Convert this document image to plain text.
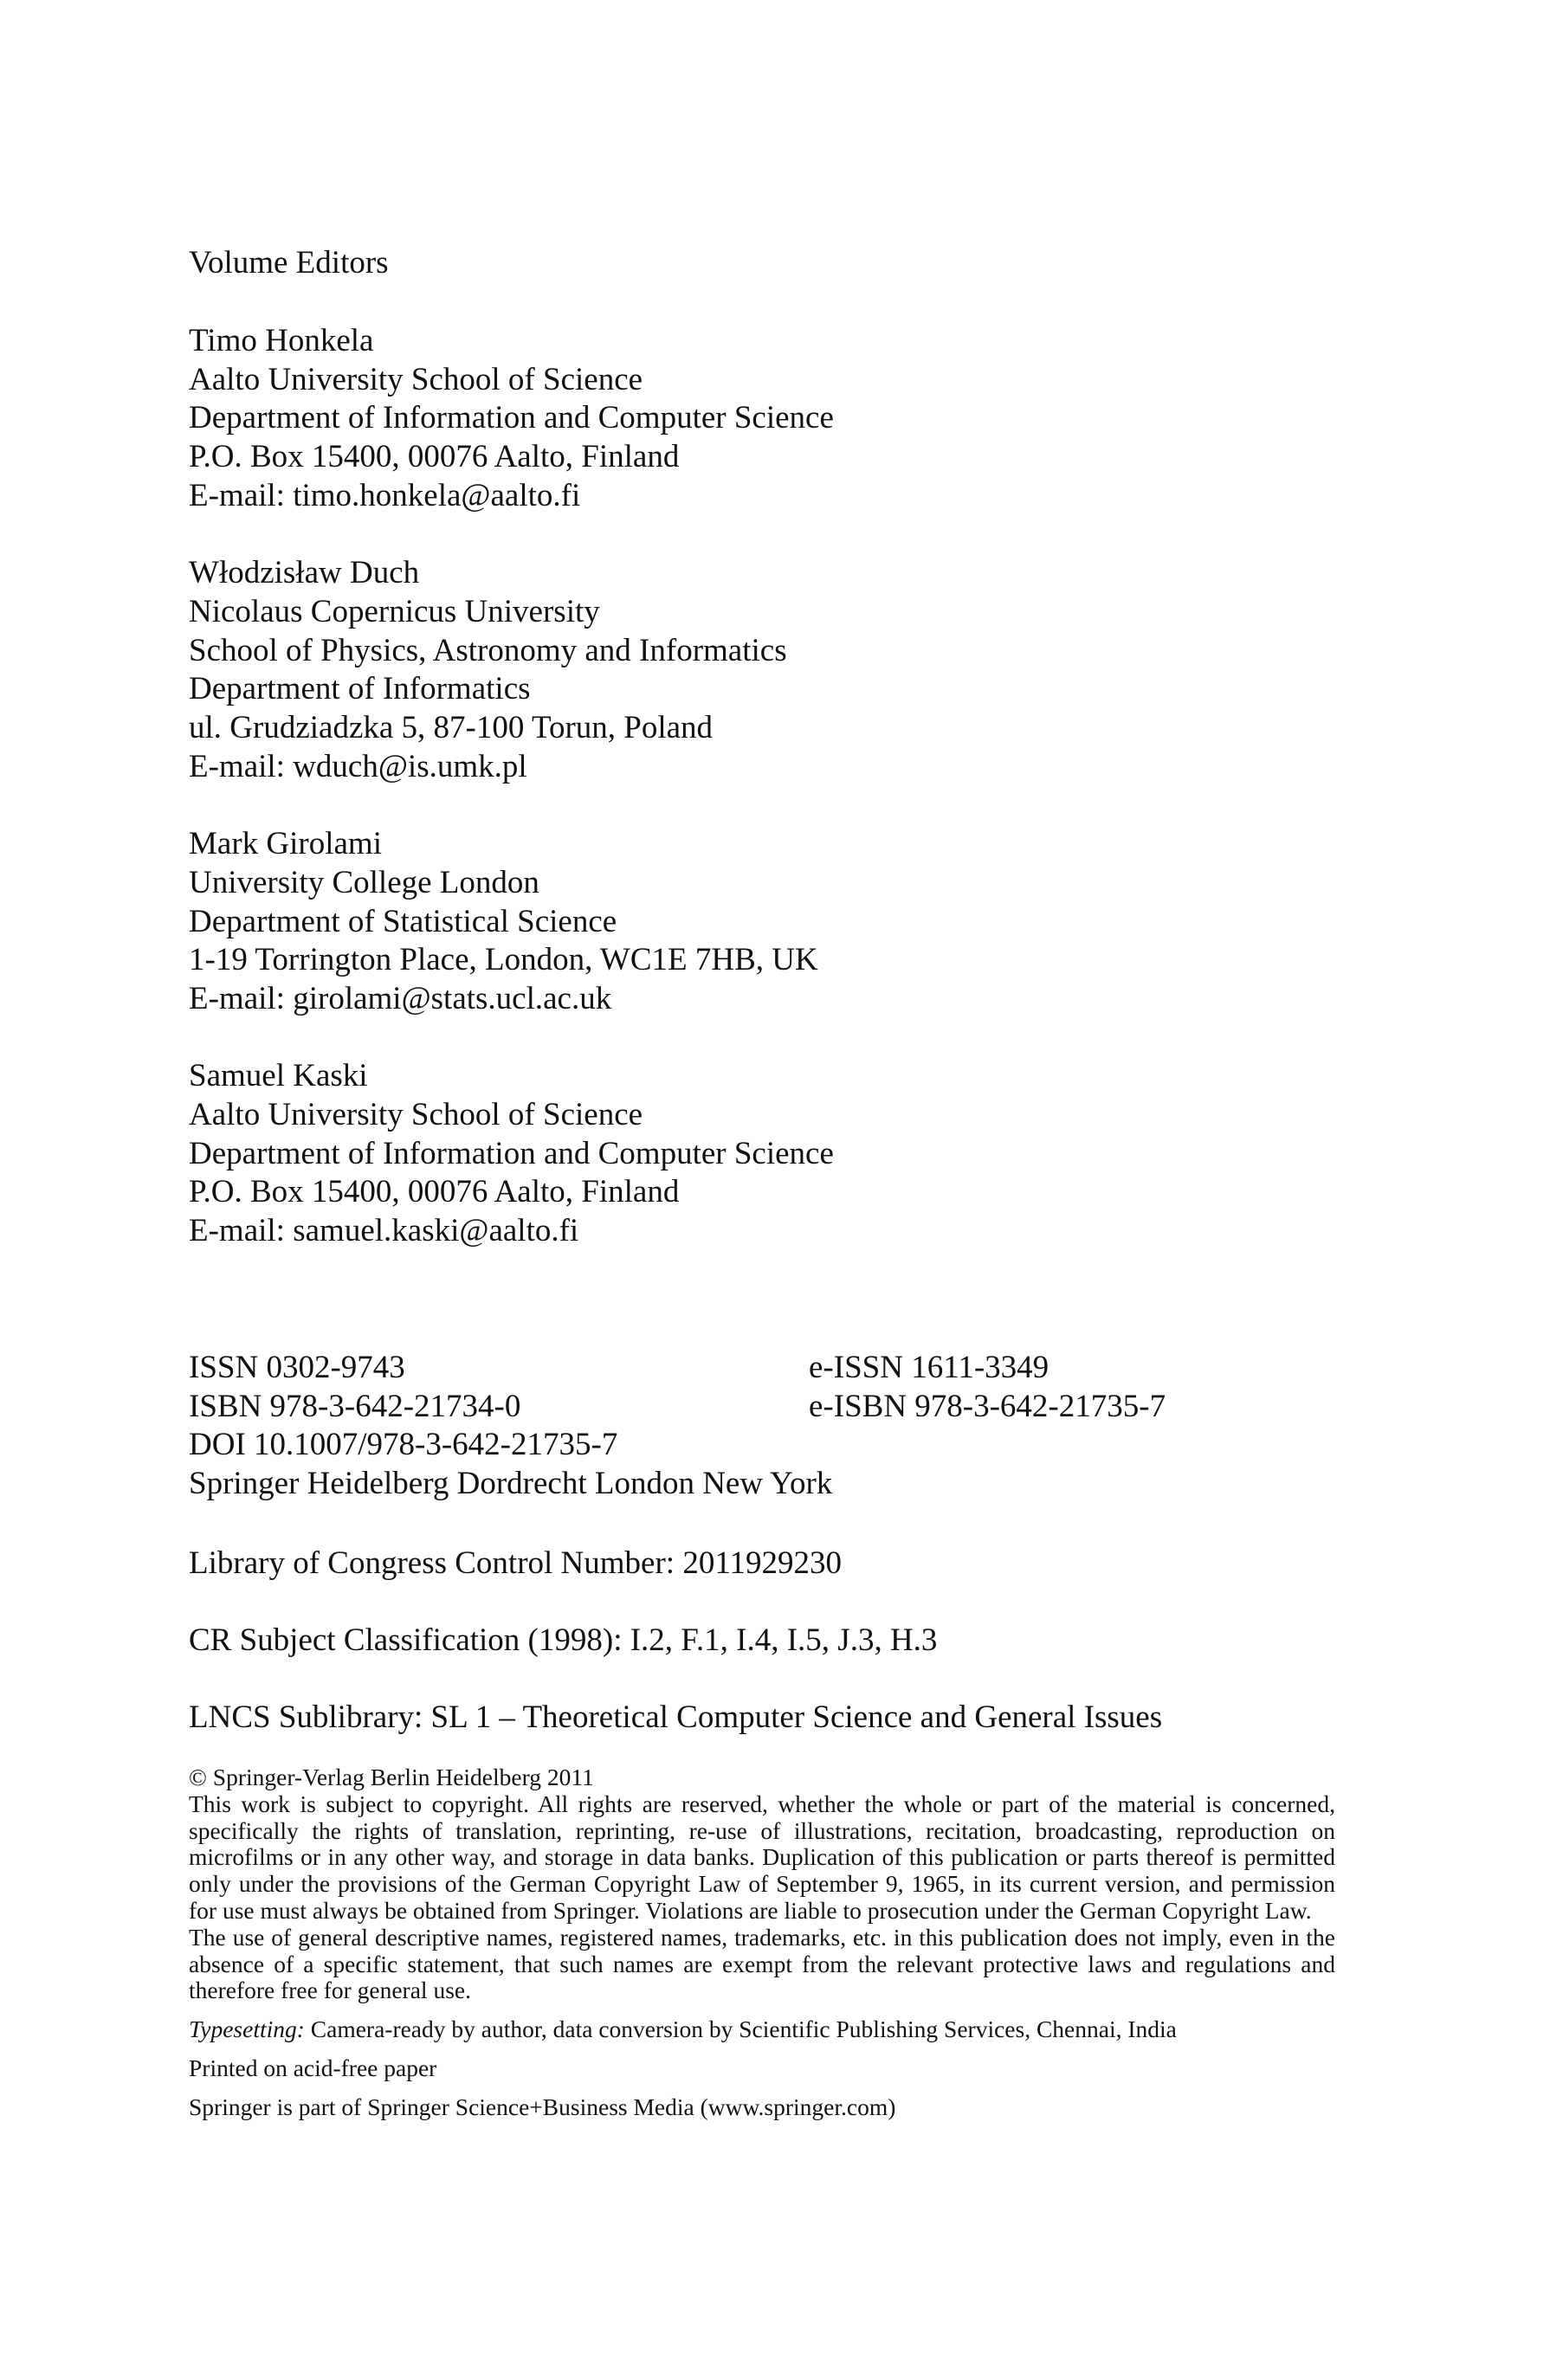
Volume Editors
Timo Honkela
Aalto University School of Science
Department of Information and Computer Science
P.O. Box 15400, 00076 Aalto, Finland
E-mail: timo.honkela@aalto.fi
Włodzisław Duch
Nicolaus Copernicus University
School of Physics, Astronomy and Informatics
Department of Informatics
ul. Grudziadzka 5, 87-100 Torun, Poland
E-mail: wduch@is.umk.pl
Mark Girolami
University College London
Department of Statistical Science
1-19 Torrington Place, London, WC1E 7HB, UK
E-mail: girolami@stats.ucl.ac.uk
Samuel Kaski
Aalto University School of Science
Department of Information and Computer Science
P.O. Box 15400, 00076 Aalto, Finland
E-mail: samuel.kaski@aalto.fi
ISSN 0302-9743	e-ISSN 1611-3349
ISBN 978-3-642-21734-0	e-ISBN 978-3-642-21735-7
DOI 10.1007/978-3-642-21735-7
Springer Heidelberg Dordrecht London New York
Library of Congress Control Number: 2011929230
CR Subject Classification (1998): I.2, F.1, I.4, I.5, J.3, H.3
LNCS Sublibrary: SL 1 – Theoretical Computer Science and General Issues
© Springer-Verlag Berlin Heidelberg 2011
This work is subject to copyright. All rights are reserved, whether the whole or part of the material is concerned, specifically the rights of translation, reprinting, re-use of illustrations, recitation, broadcasting, reproduction on microfilms or in any other way, and storage in data banks. Duplication of this publication or parts thereof is permitted only under the provisions of the German Copyright Law of September 9, 1965, in its current version, and permission for use must always be obtained from Springer. Violations are liable to prosecution under the German Copyright Law.
The use of general descriptive names, registered names, trademarks, etc. in this publication does not imply, even in the absence of a specific statement, that such names are exempt from the relevant protective laws and regulations and therefore free for general use.
Typesetting: Camera-ready by author, data conversion by Scientific Publishing Services, Chennai, India
Printed on acid-free paper
Springer is part of Springer Science+Business Media (www.springer.com)
